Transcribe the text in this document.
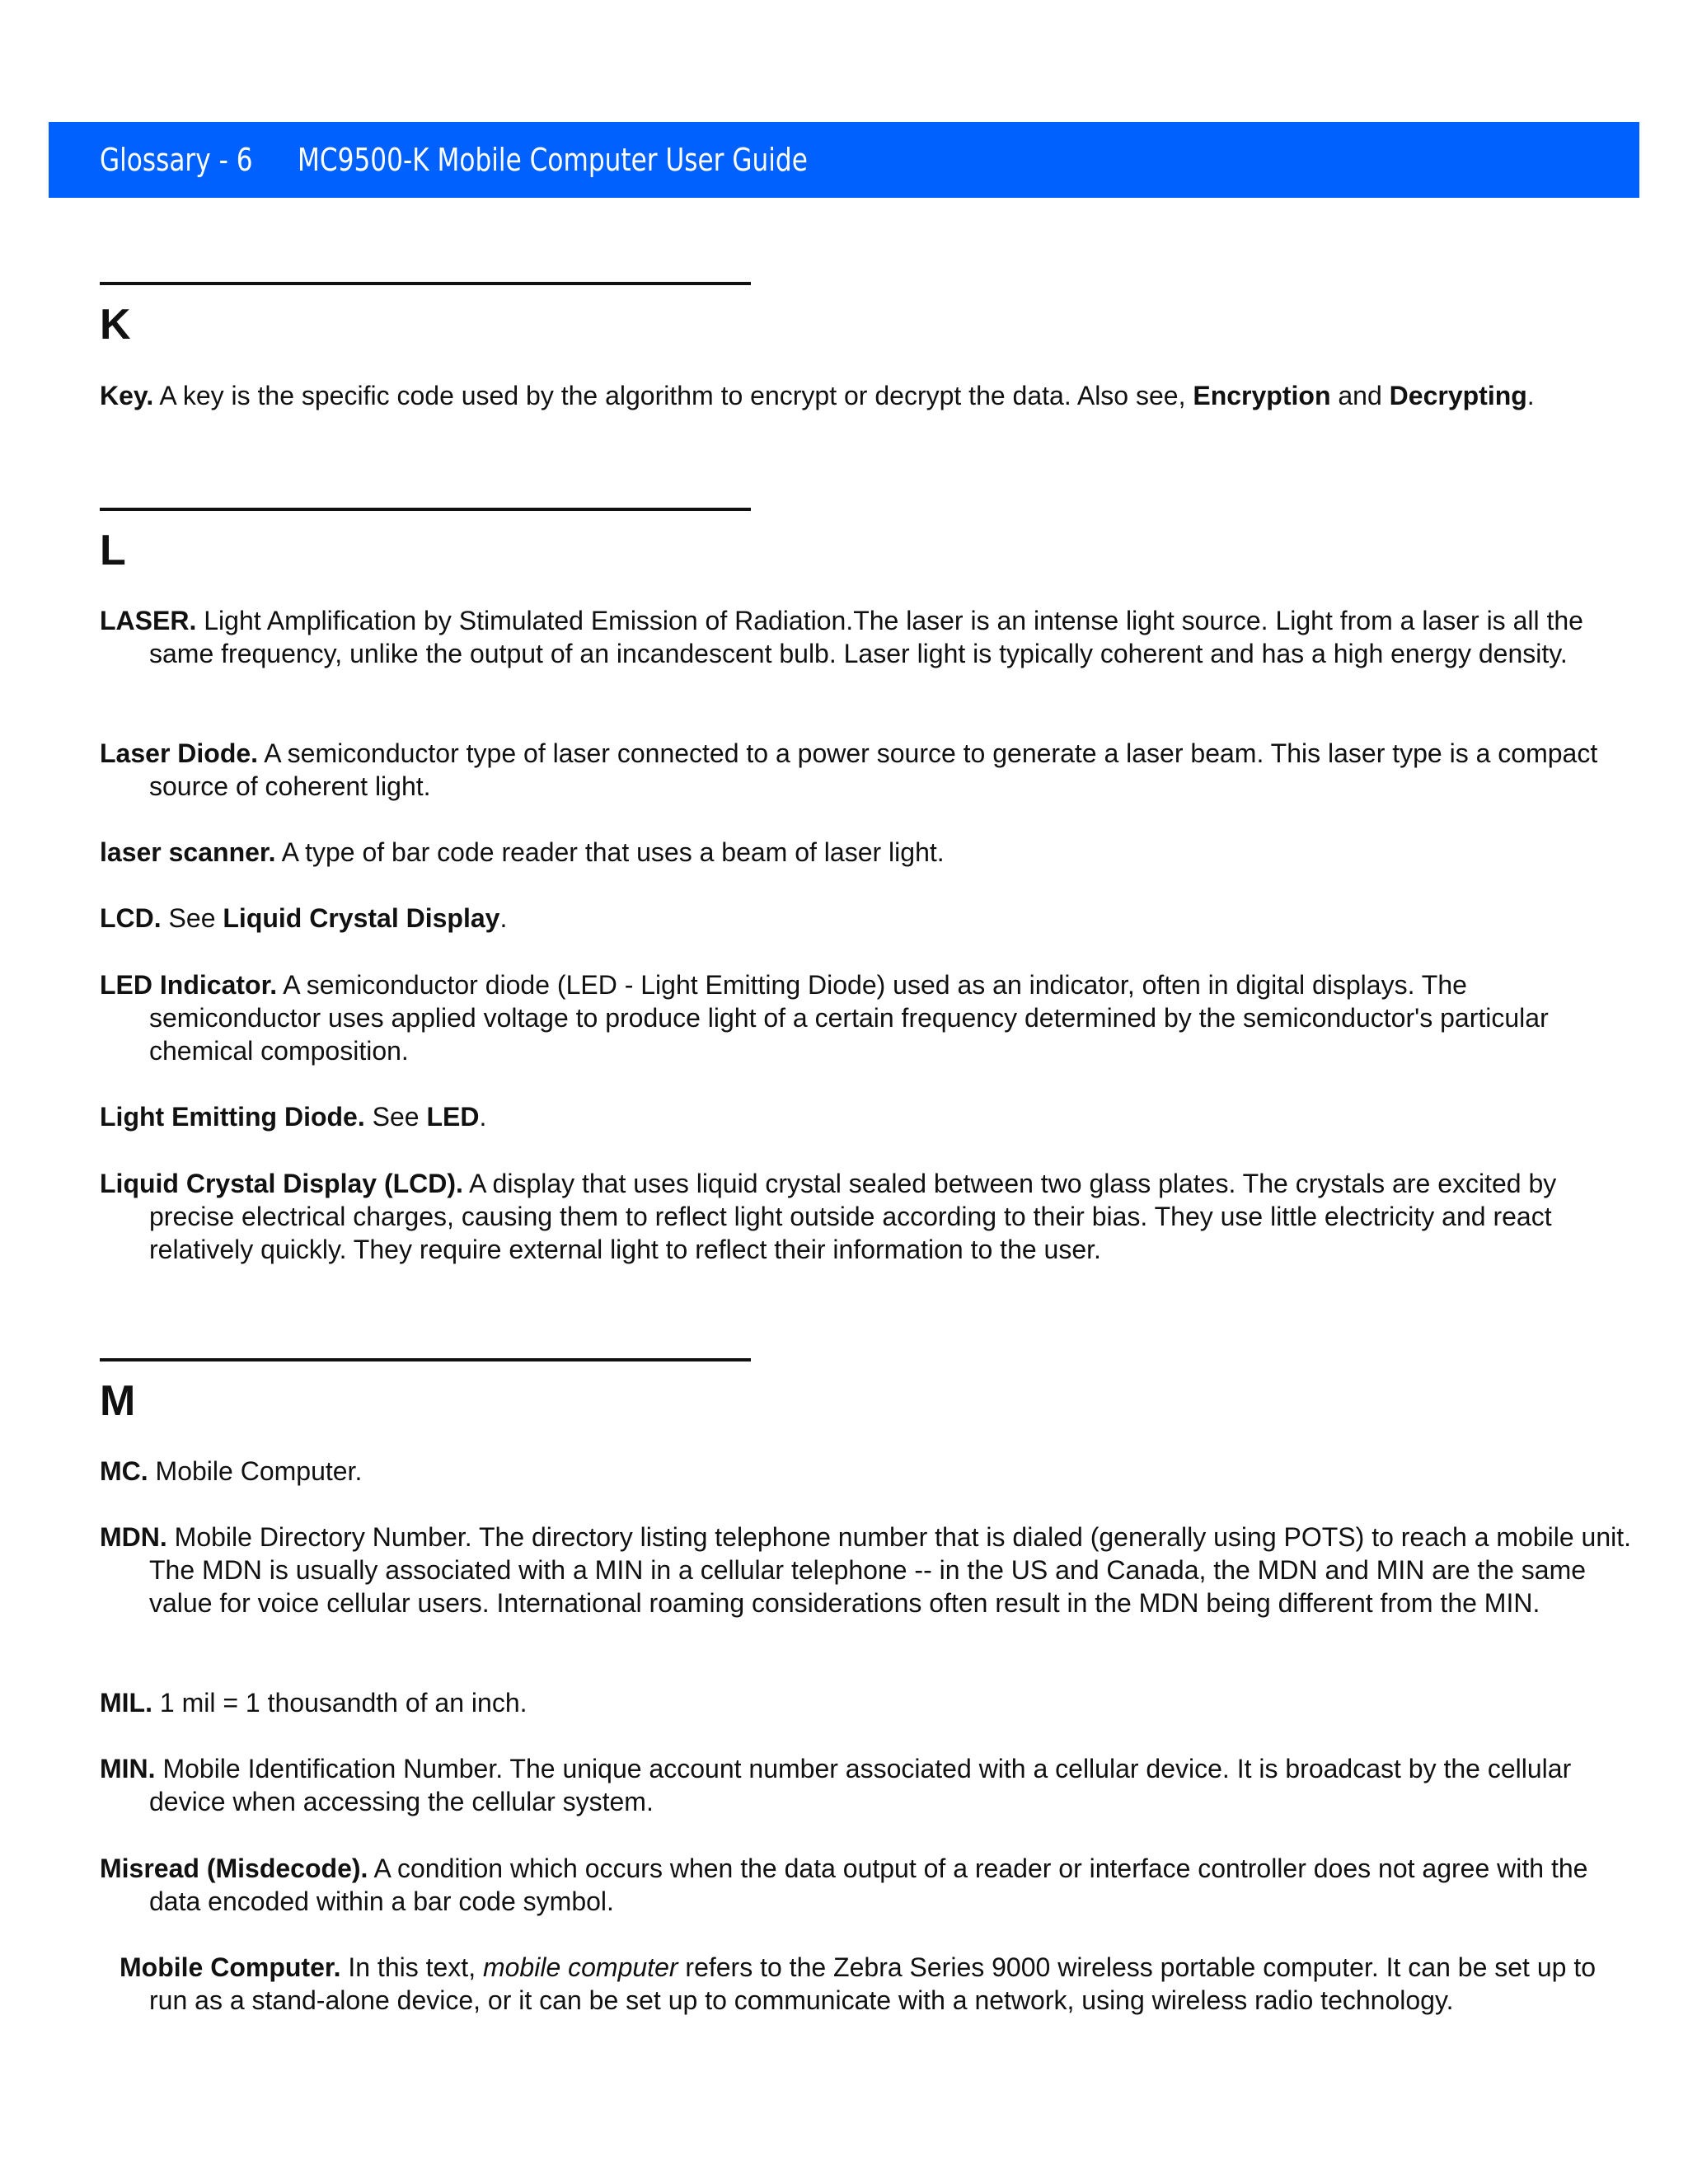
Glossary - 6 MC9500-K Mobile Computer User Guide
K
Key. A key is the specific code used by the algorithm to encrypt or decrypt the data. Also see, Encryption and Decrypting.
L
LASER. Light Amplification by Stimulated Emission of Radiation.The laser is an intense light source. Light from a laser is all the same frequency, unlike the output of an incandescent bulb. Laser light is typically coherent and has a high energy density.
Laser Diode. A semiconductor type of laser connected to a power source to generate a laser beam. This laser type is a compact source of coherent light.
laser scanner. A type of bar code reader that uses a beam of laser light.
LCD. See Liquid Crystal Display.
LED Indicator. A semiconductor diode (LED - Light Emitting Diode) used as an indicator, often in digital displays. The semiconductor uses applied voltage to produce light of a certain frequency determined by the semiconductor's particular chemical composition.
Light Emitting Diode. See LED.
Liquid Crystal Display (LCD). A display that uses liquid crystal sealed between two glass plates. The crystals are excited by precise electrical charges, causing them to reflect light outside according to their bias. They use little electricity and react relatively quickly. They require external light to reflect their information to the user.
M
MC. Mobile Computer.
MDN. Mobile Directory Number. The directory listing telephone number that is dialed (generally using POTS) to reach a mobile unit. The MDN is usually associated with a MIN in a cellular telephone -- in the US and Canada, the MDN and MIN are the same value for voice cellular users. International roaming considerations often result in the MDN being different from the MIN.
MIL. 1 mil = 1 thousandth of an inch.
MIN. Mobile Identification Number. The unique account number associated with a cellular device. It is broadcast by the cellular device when accessing the cellular system.
Misread (Misdecode). A condition which occurs when the data output of a reader or interface controller does not agree with the data encoded within a bar code symbol.
Mobile Computer. In this text, mobile computer refers to the Zebra Series 9000 wireless portable computer. It can be set up to run as a stand-alone device, or it can be set up to communicate with a network, using wireless radio technology.
